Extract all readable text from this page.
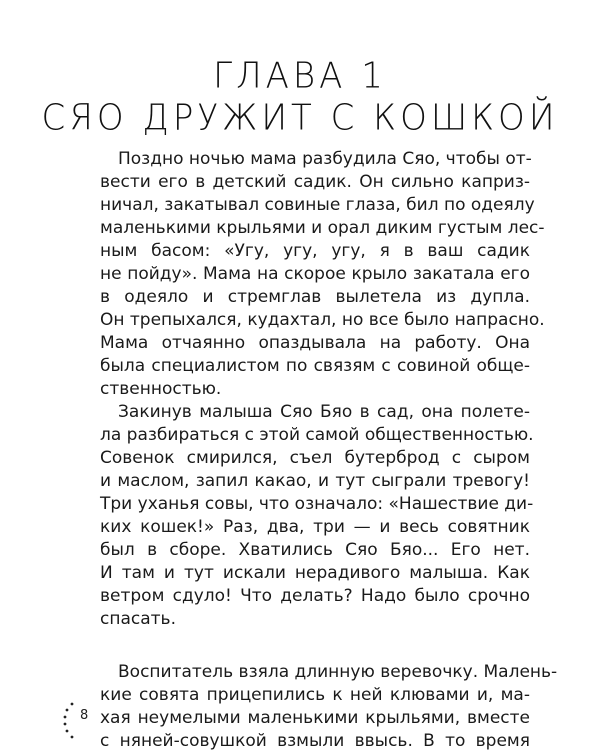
ГЛАВА 1
СЯО ДРУЖИТ С КОШКОЙ
Поздно ночью мама разбудила Сяо, чтобы от-
вести его в детский садик. Он сильно каприз-
ничал, закатывал совиные глаза, бил по одеялу
маленькими крыльями и орал диким густым лес-
ным басом: «Угу, угу, угу, я в ваш садик
не пойду». Мама на скорое крыло закатала его
в одеяло и стремглав вылетела из дупла.
Он трепыхался, кудахтал, но все было напрасно.
Мама отчаянно опаздывала на работу. Она
была специалистом по связям с совиной обще-
ственностью.
Закинув малыша Сяо Бяо в сад, она полете-
ла разбираться с этой самой общественностью.
Совенок смирился, съел бутерброд с сыром
и маслом, запил какао, и тут сыграли тревогу!
Три уханья совы, что означало: «Нашествие ди-
ких кошек!» Раз, два, три — и весь совятник
был в сборе. Хватились Сяо Бяо... Его нет.
И там и тут искали нерадивого малыша. Как
ветром сдуло! Что делать? Надо было срочно
спасать.
Воспитатель взяла длинную веревочку. Малень-
кие совята прицепились к ней клювами и, ма-
хая неумелыми маленькими крыльями, вместе
с няней-совушкой взмыли ввысь. В то время
8
